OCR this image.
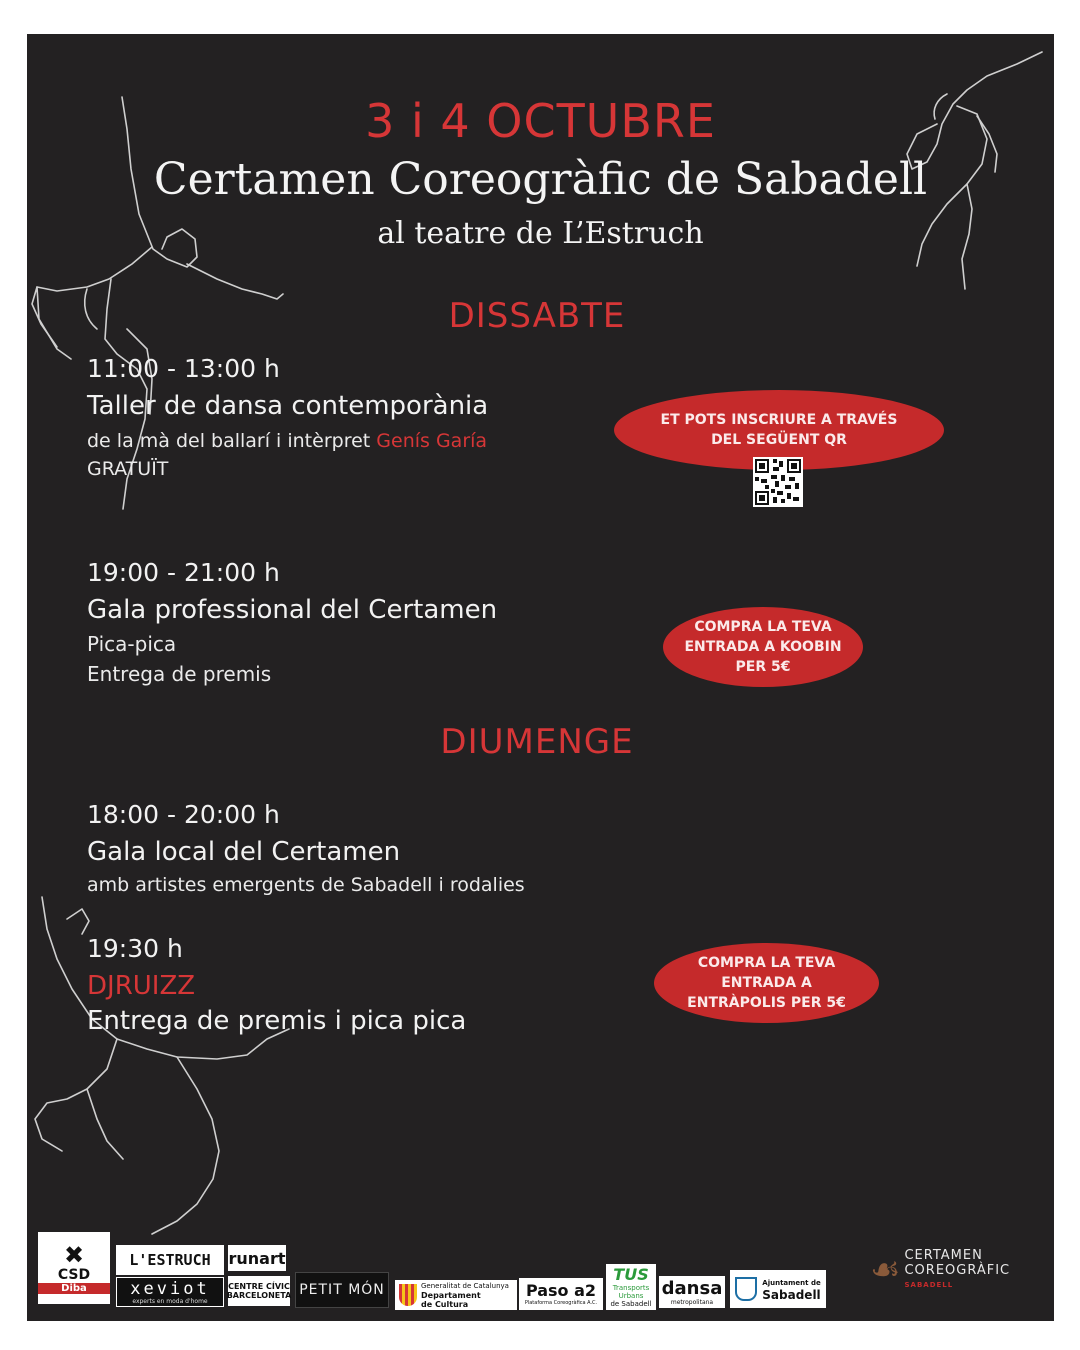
3 i 4 OCTUBRE
Certamen Coreogràfic de Sabadell
al teatre de L’Estruch
DISSABTE
11:00 - 13:00 h
Taller de dansa contemporània
de la mà del ballarí i intèrpret Genís Garía
GRATUÏT
ET POTS INSCRIURE A TRAVÉS DEL SEGÜENT QR
19:00 - 21:00 h
Gala professional del Certamen
Pica-pica
Entrega de premis
COMPRA LA TEVA ENTRADA A KOOBIN PER 5€
DIUMENGE
18:00 - 20:00 h
Gala local del Certamen
amb artistes emergents de Sabadell i rodalies
19:30 h
DJRUIZZ
Entrega de premis i pica pica
COMPRA LA TEVA ENTRADA A ENTRÀPOLIS PER 5€
✖
CSD
Diba
L'ESTRUCH
xeviot
experts en moda d'home
runart
CENTRE CÍVIC
BARCELONETA PETIT MÓN	Generalitat de Catalunya
Departament
de Cultura
Paso a2
Plataforma Coreogràfica A.C.
TUS
Transports
Urbans
de Sabadell
dansa
metropolitana
Ajuntament de
Sabadell
☙ CERTAMEN
COREOGRÀFIC
SABADELL
